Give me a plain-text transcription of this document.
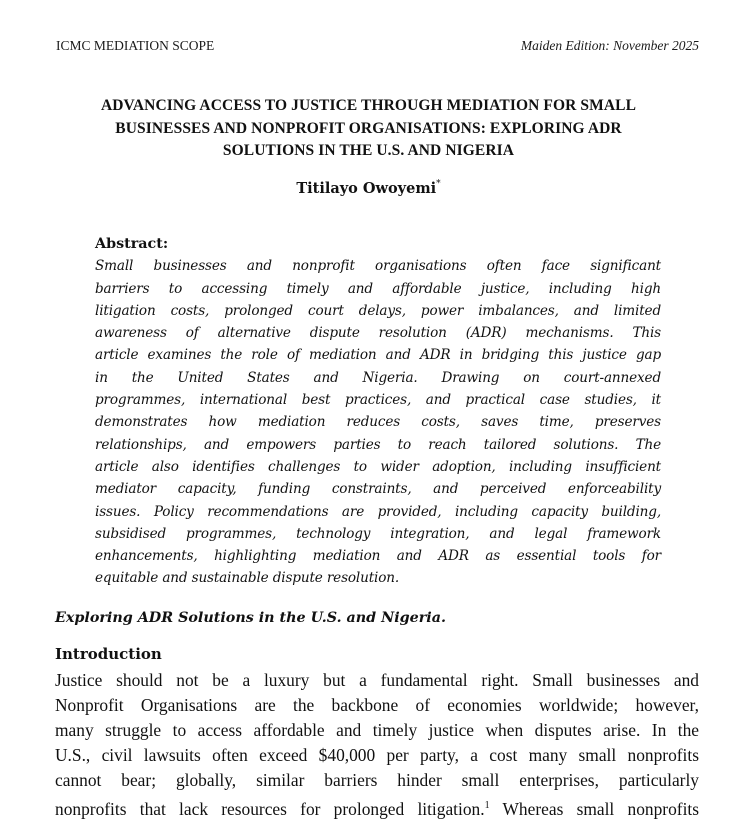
ICMC MEDIATION SCOPE	Maiden Edition: November 2025
ADVANCING ACCESS TO JUSTICE THROUGH MEDIATION FOR SMALL
BUSINESSES AND NONPROFIT ORGANISATIONS: EXPLORING ADR
SOLUTIONS IN THE U.S. AND NIGERIA
Titilayo Owoyemi*
Abstract:
Small businesses and nonprofit organisations often face significant
barriers to accessing timely and affordable justice, including high
litigation costs, prolonged court delays, power imbalances, and limited
awareness of alternative dispute resolution (ADR) mechanisms. This
article examines the role of mediation and ADR in bridging this justice gap
in the United States and Nigeria. Drawing on court-annexed
programmes, international best practices, and practical case studies, it
demonstrates how mediation reduces costs, saves time, preserves
relationships, and empowers parties to reach tailored solutions. The
article also identifies challenges to wider adoption, including insufficient
mediator capacity, funding constraints, and perceived enforceability
issues. Policy recommendations are provided, including capacity building,
subsidised programmes, technology integration, and legal framework
enhancements, highlighting mediation and ADR as essential tools for
equitable and sustainable dispute resolution.
Exploring ADR Solutions in the U.S. and Nigeria.
Introduction
Justice should not be a luxury but a fundamental right. Small businesses and
Nonprofit Organisations are the backbone of economies worldwide; however,
many struggle to access affordable and timely justice when disputes arise. In the
U.S., civil lawsuits often exceed $40,000 per party, a cost many small nonprofits
cannot bear; globally, similar barriers hinder small enterprises, particularly
nonprofits that lack resources for prolonged litigation.$^1$ Whereas small nonprofits
